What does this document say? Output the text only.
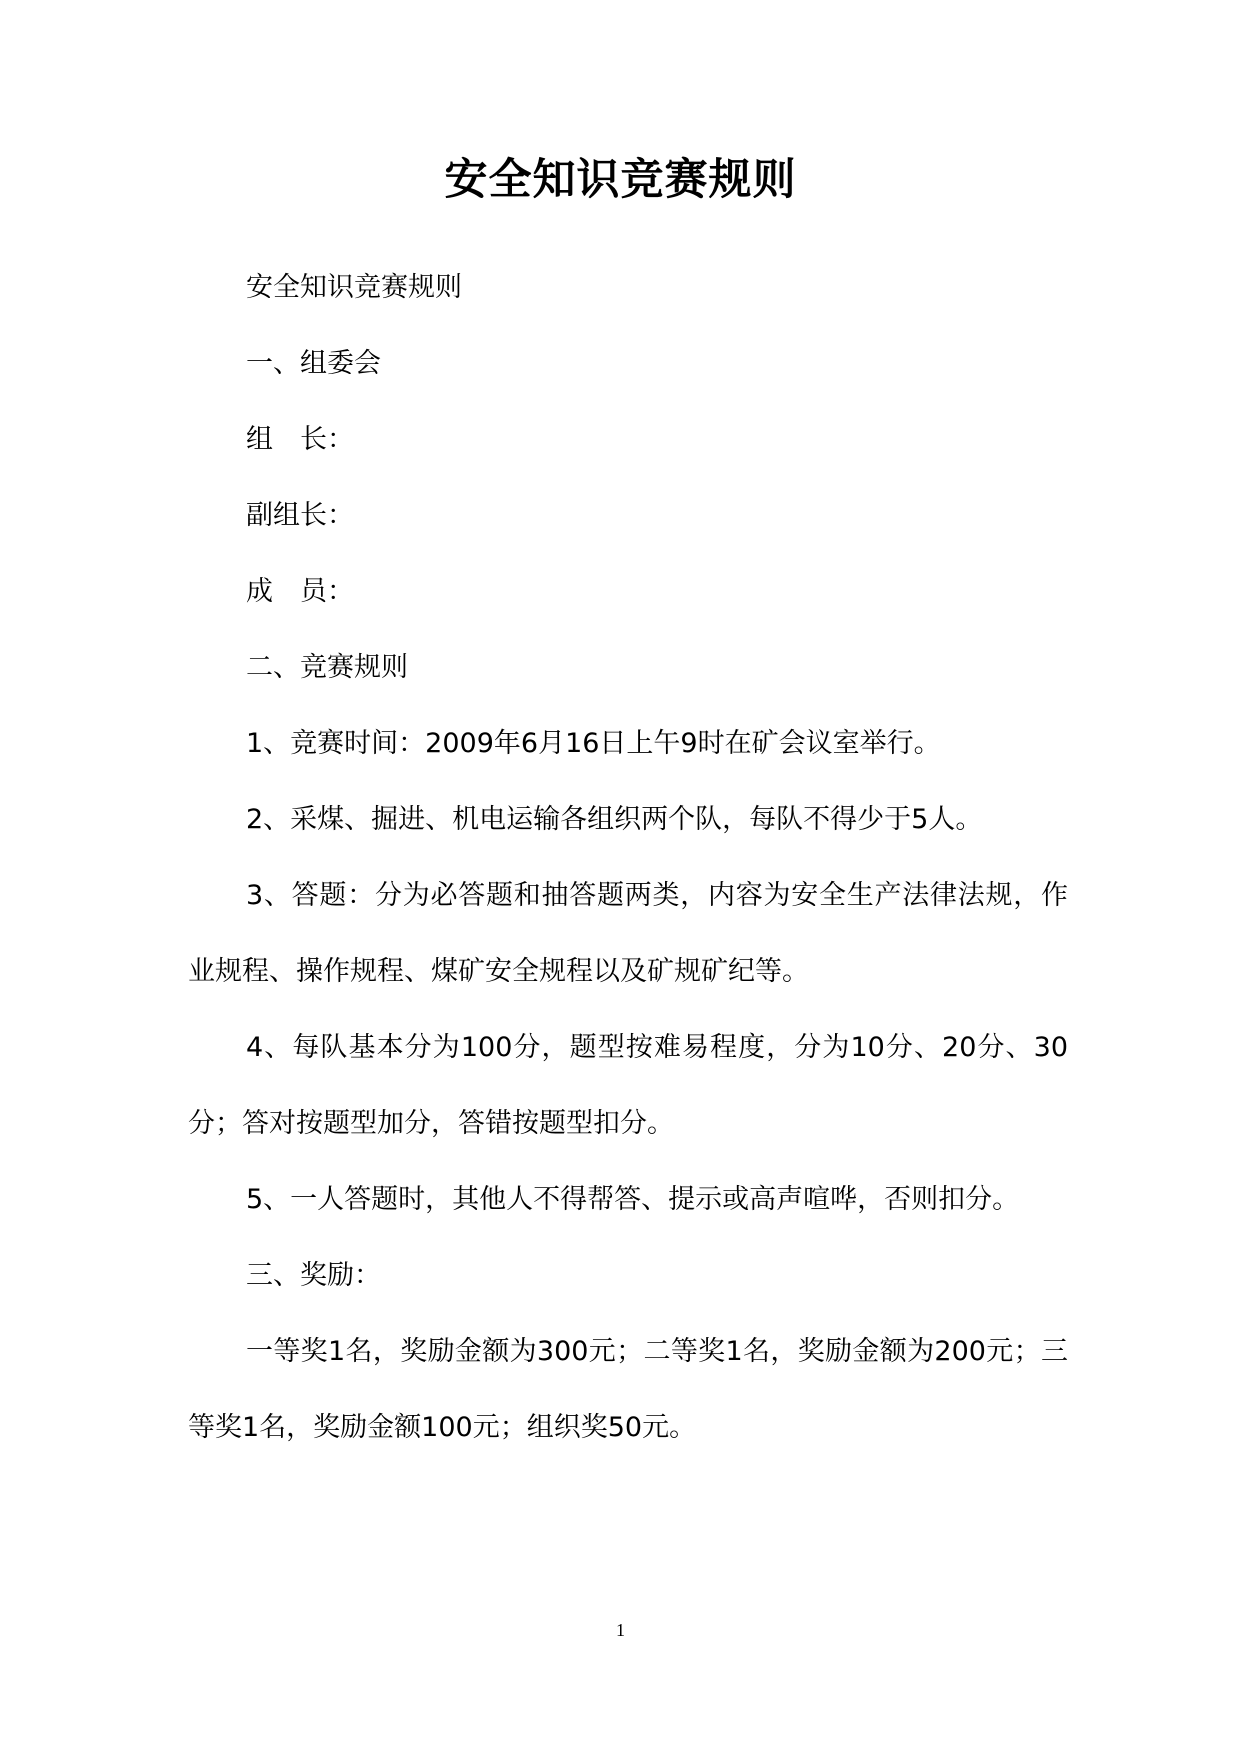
安全知识竞赛规则

安全知识竞赛规则

一、组委会

组　长：

副组长：

成　员：

二、竞赛规则

1、竞赛时间：2009年6月16日上午9时在矿会议室举行。

2、采煤、掘进、机电运输各组织两个队，每队不得少于5人。

3、答题：分为必答题和抽答题两类，内容为安全生产法律法规，作业规程、操作规程、煤矿安全规程以及矿规矿纪等。

4、每队基本分为100分，题型按难易程度，分为10分、20分、30分；答对按题型加分，答错按题型扣分。

5、一人答题时，其他人不得帮答、提示或高声喧哗，否则扣分。

三、奖励：

一等奖1名，奖励金额为300元；二等奖1名，奖励金额为200元；三等奖1名，奖励金额100元；组织奖50元。

1
